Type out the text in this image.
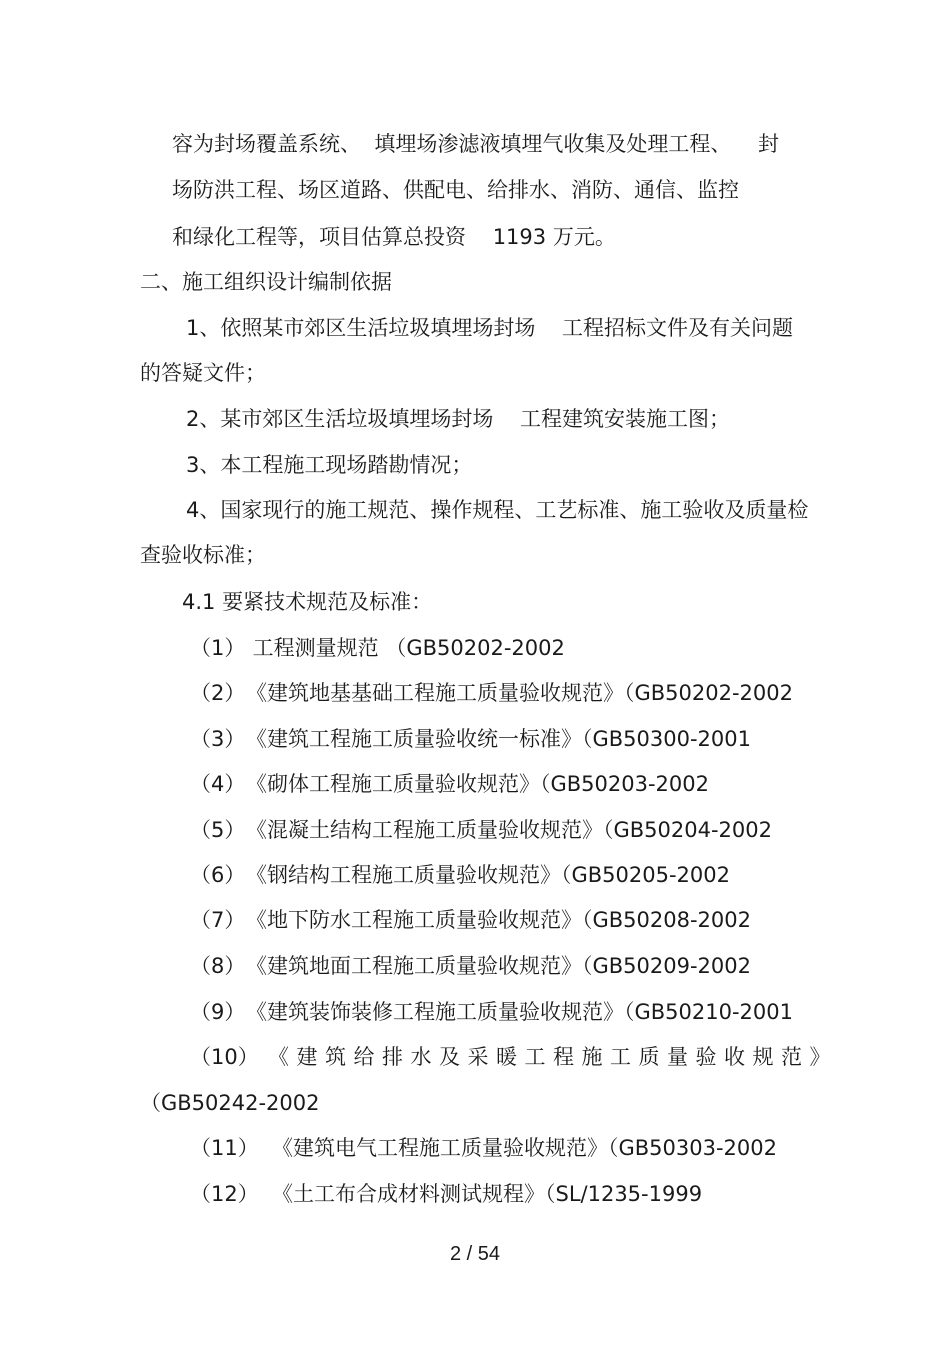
容为封场覆盖系统、  填埋场渗滤液填埋气收集及处理工程、    封
场防洪工程、场区道路、供配电、给排水、消防、通信、监控
和绿化工程等，项目估算总投资    1193 万元。
二、施工组织设计编制依据
1、依照某市郊区生活垃圾填埋场封场    工程招标文件及有关问题
的答疑文件；
2、某市郊区生活垃圾填埋场封场    工程建筑安装施工图；
3、本工程施工现场踏勘情况；
4、国家现行的施工规范、操作规程、工艺标准、施工验收及质量检
查验收标准；
4.1 要紧技术规范及标准：
（1） 工程测量规范 （GB50202-2002
（2） 《建筑地基基础工程施工质量验收规范》（GB50202-2002
（3） 《建筑工程施工质量验收统一标准》（GB50300-2001
（4） 《砌体工程施工质量验收规范》（GB50203-2002
（5） 《混凝土结构工程施工质量验收规范》（GB50204-2002
（6） 《钢结构工程施工质量验收规范》（GB50205-2002
（7） 《地下防水工程施工质量验收规范》（GB50208-2002
（8） 《建筑地面工程施工质量验收规范》（GB50209-2002
（9） 《建筑装饰装修工程施工质量验收规范》（GB50210-2001
（10） 《建筑给排水及采暖工程施工质量验收规范》
（GB50242-2002
（11） 《建筑电气工程施工质量验收规范》（GB50303-2002
（12） 《土工布合成材料测试规程》（SL/1235-1999
2 / 54
